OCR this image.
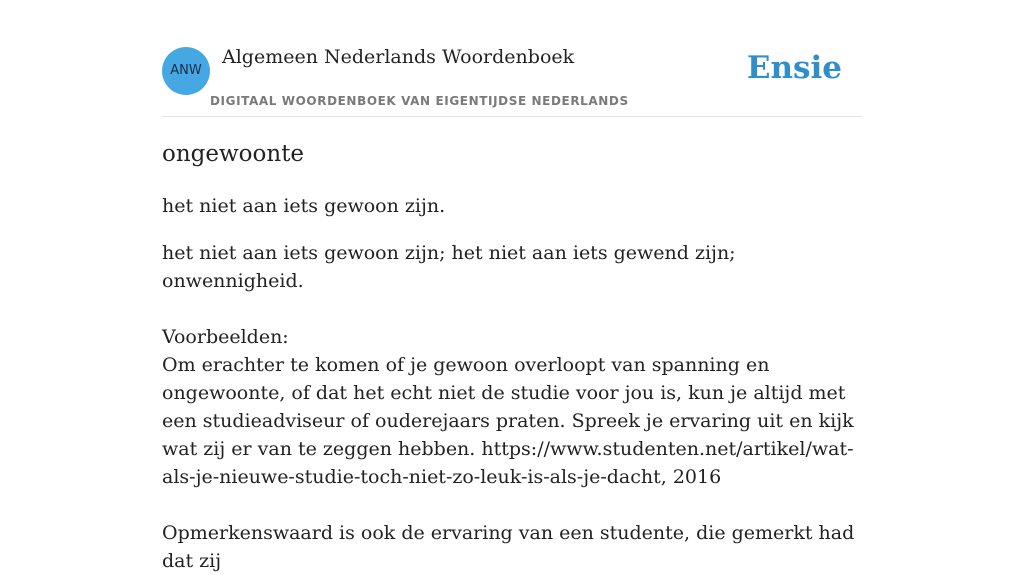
ANW
Algemeen Nederlands Woordenboek
DIGITAAL WOORDENBOEK VAN EIGENTIJDSE NEDERLANDS
Ensie
ongewoonte

het niet aan iets gewoon zijn.

het niet aan iets gewoon zijn; het niet aan iets gewend zijn; onwennigheid.

Voorbeelden:

Om erachter te komen of je gewoon overloopt van spanning en ongewoonte, of dat het echt niet de studie voor jou is, kun je altijd met een studieadviseur of ouderejaars praten. Spreek je ervaring uit en kijk wat zij er van te zeggen hebben. https://www.studenten.net/artikel/wat-als-je-nieuwe-studie-toch-niet-zo-leuk-is-als-je-dacht, 2016

Opmerkenswaard is ook de ervaring van een studente, die gemerkt had dat zij
